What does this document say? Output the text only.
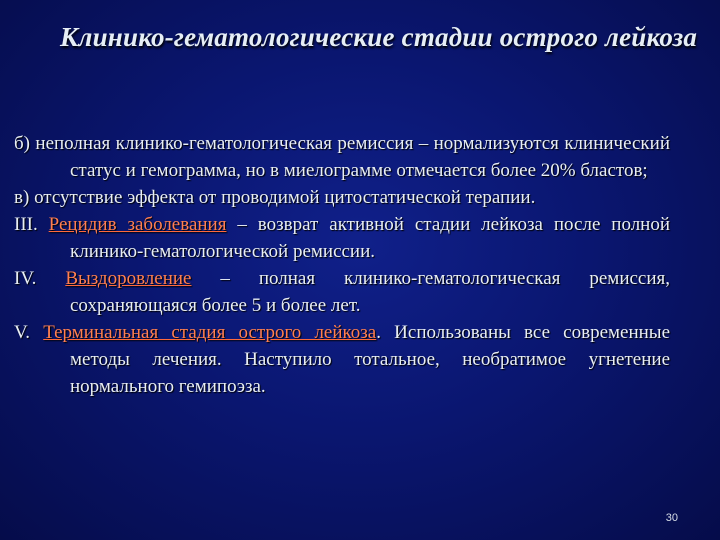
Клинико-гематологические стадии острого лейкоза

б) неполная клинико-гематологическая ремиссия – нормализуются клинический статус и гемограмма, но в миелограмме отмечается более 20% бластов;

в) отсутствие эффекта от проводимой цитостатической терапии.

III. Рецидив заболевания – возврат активной стадии лейкоза после полной клинико-гематологической ремиссии.

IV. Выздоровление – полная клинико-гематологическая ремиссия, сохраняющаяся более 5 и более лет.

V. Терминальная стадия острого лейкоза. Использованы все современные методы лечения. Наступило тотальное, необратимое угнетение нормального гемипоэза.

30
